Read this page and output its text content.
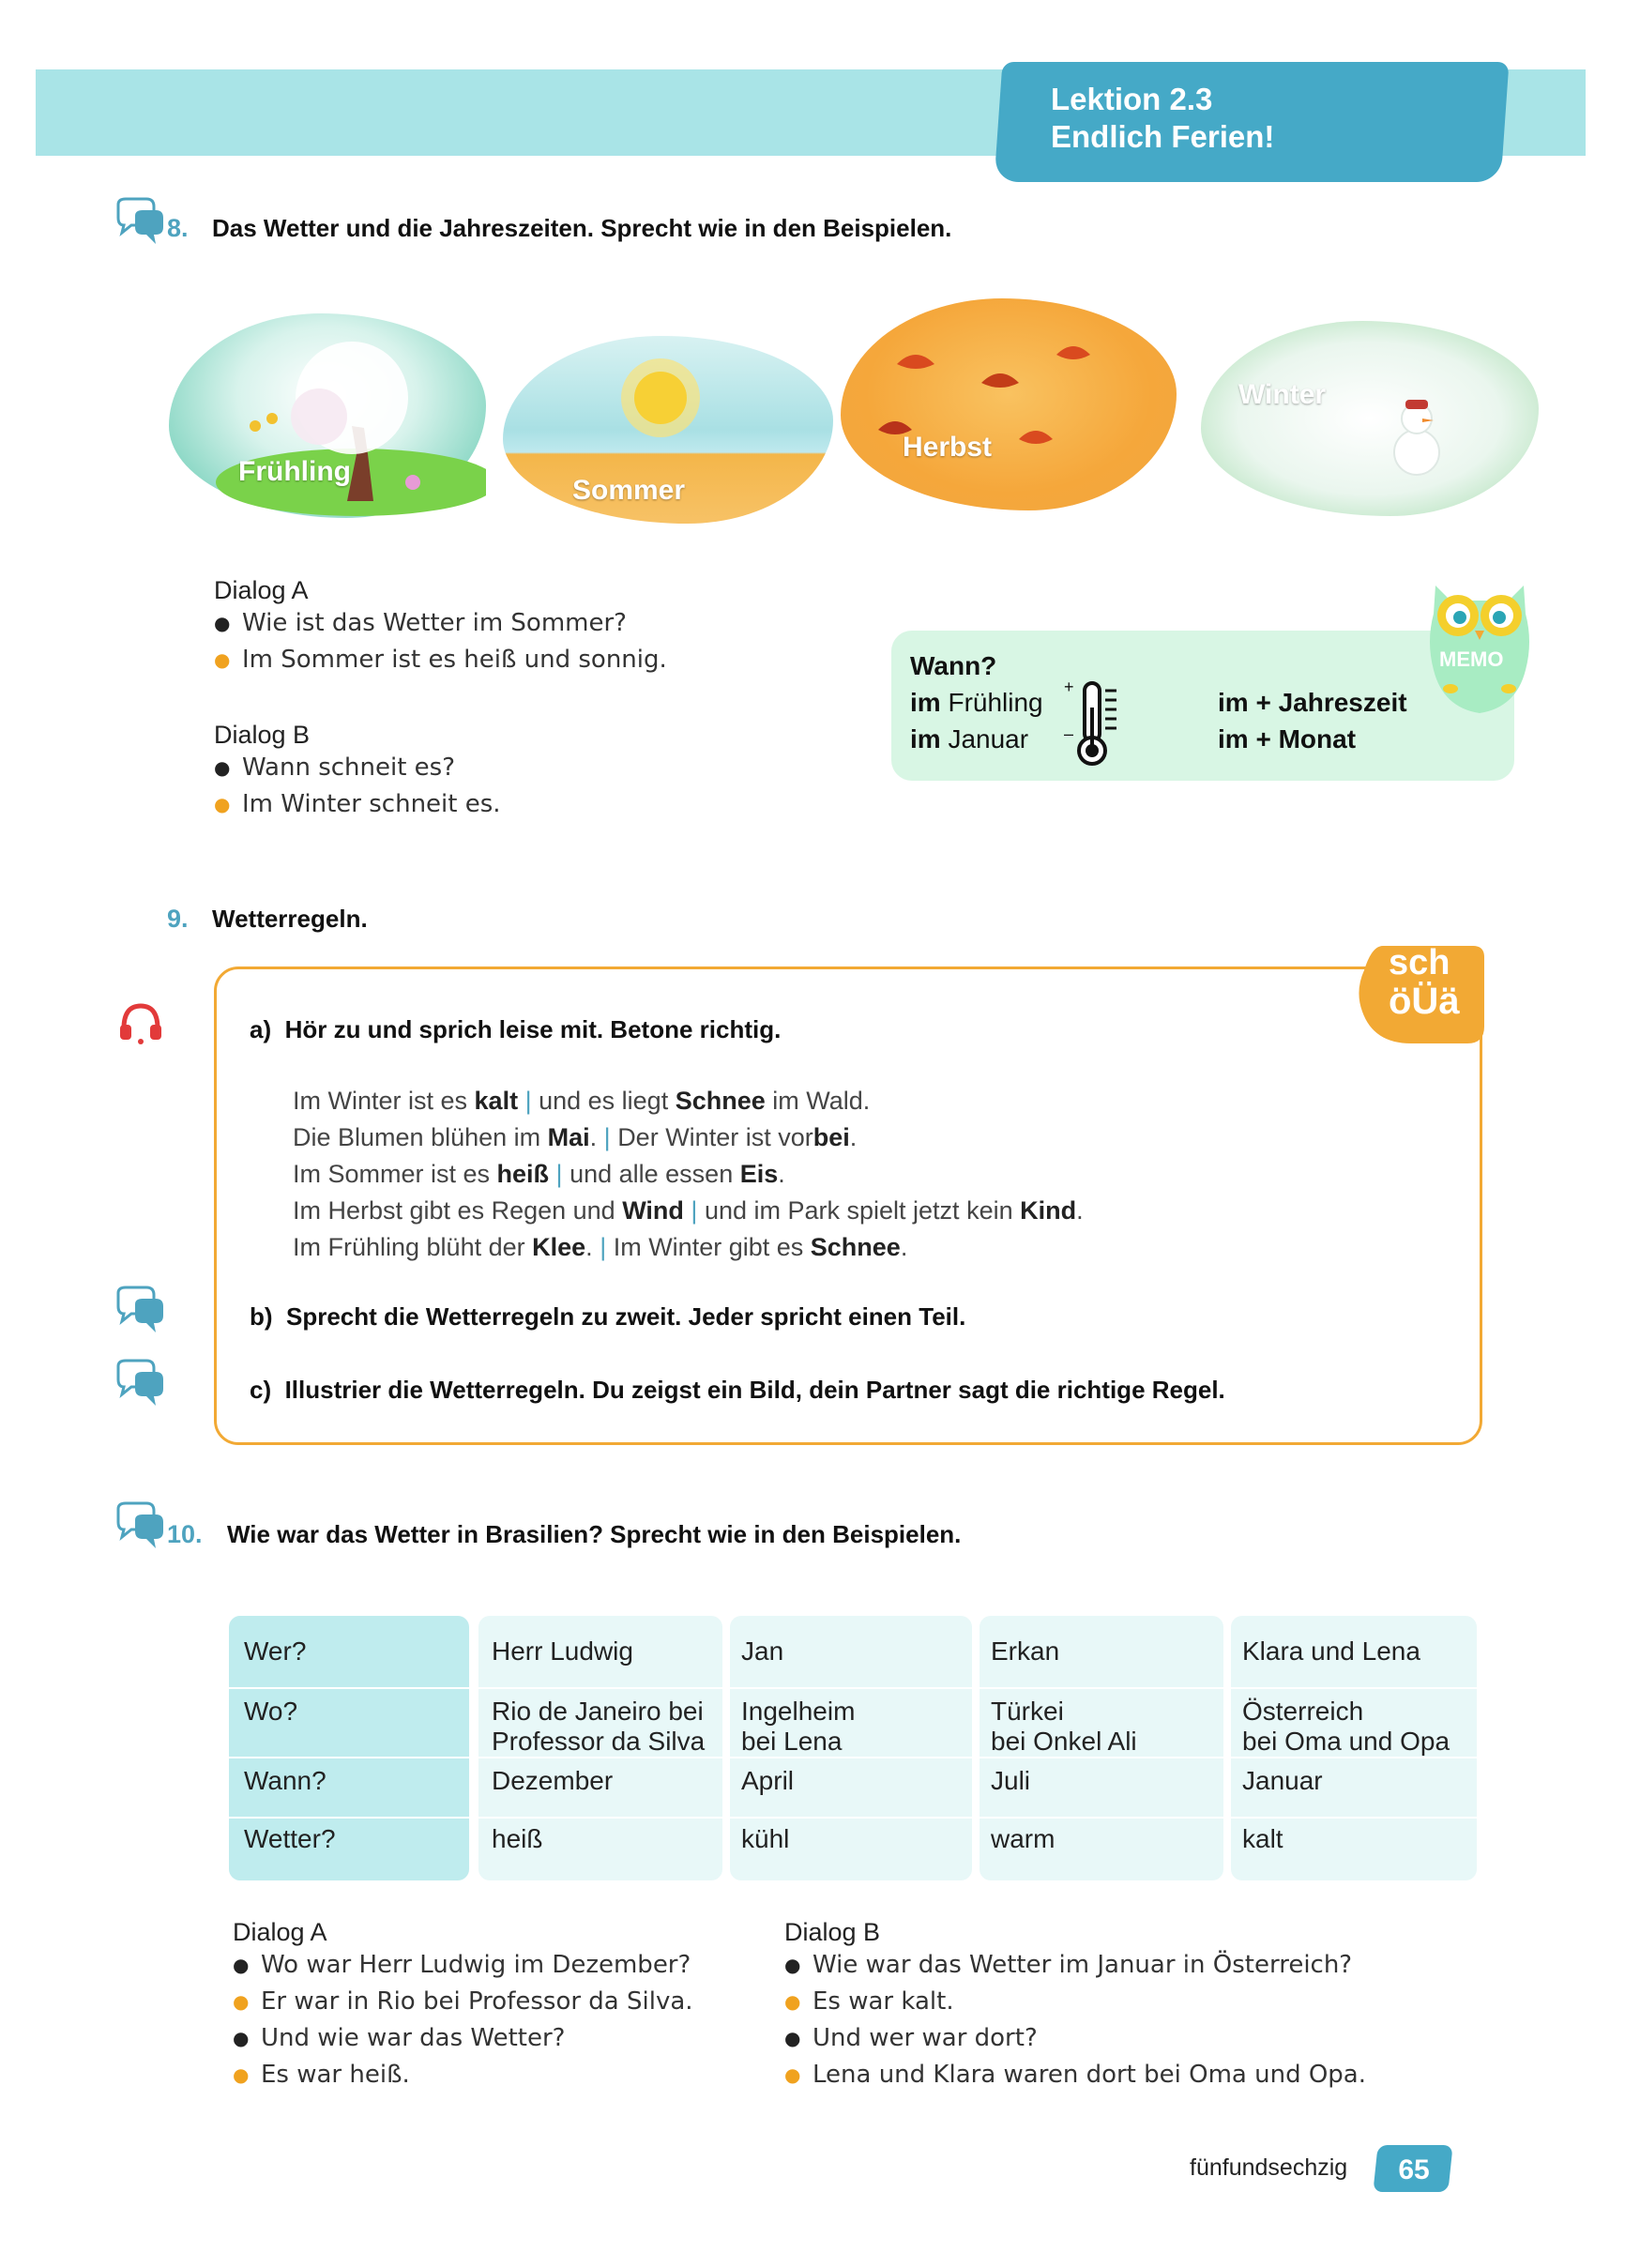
Lektion 2.3
Endlich Ferien!
8. Das Wetter und die Jahreszeiten. Sprecht wie in den Beispielen.
Frühling
Sommer
Herbst
Winter
Dialog A
● Wie ist das Wetter im Sommer?
● Im Sommer ist es heiß und sonnig.
Dialog B
● Wann schneit es?
● Im Winter schneit es.
MEMO
Wann?
im Frühling
im Januar
+
–
im + Jahreszeit
im + Monat
9. Wetterregeln.
sch
öÜä
a) Hör zu und sprich leise mit. Betone richtig.
Im Winter ist es kalt | und es liegt Schnee im Wald.
Die Blumen blühen im Mai. | Der Winter ist vorbei.
Im Sommer ist es heiß | und alle essen Eis.
Im Herbst gibt es Regen und Wind | und im Park spielt jetzt kein Kind.
Im Frühling blüht der Klee. | Im Winter gibt es Schnee.
b) Sprecht die Wetterregeln zu zweit. Jeder spricht einen Teil.
c) Illustrier die Wetterregeln. Du zeigst ein Bild, dein Partner sagt die richtige Regel.
10. Wie war das Wetter in Brasilien? Sprecht wie in den Beispielen.
Wer?
Wo?
Wann?
Wetter?
Herr Ludwig
Rio de Janeiro bei
Professor da Silva
Dezember
heiß
Jan
Ingelheim
bei Lena
April
kühl
Erkan
Türkei
bei Onkel Ali
Juli
warm
Klara und Lena
Österreich
bei Oma und Opa
Januar
kalt
Dialog A
● Wo war Herr Ludwig im Dezember?
● Er war in Rio bei Professor da Silva.
● Und wie war das Wetter?
● Es war heiß.
Dialog B
● Wie war das Wetter im Januar in Österreich?
● Es war kalt.
● Und wer war dort?
● Lena und Klara waren dort bei Oma und Opa.
fünfundsechzig 65
